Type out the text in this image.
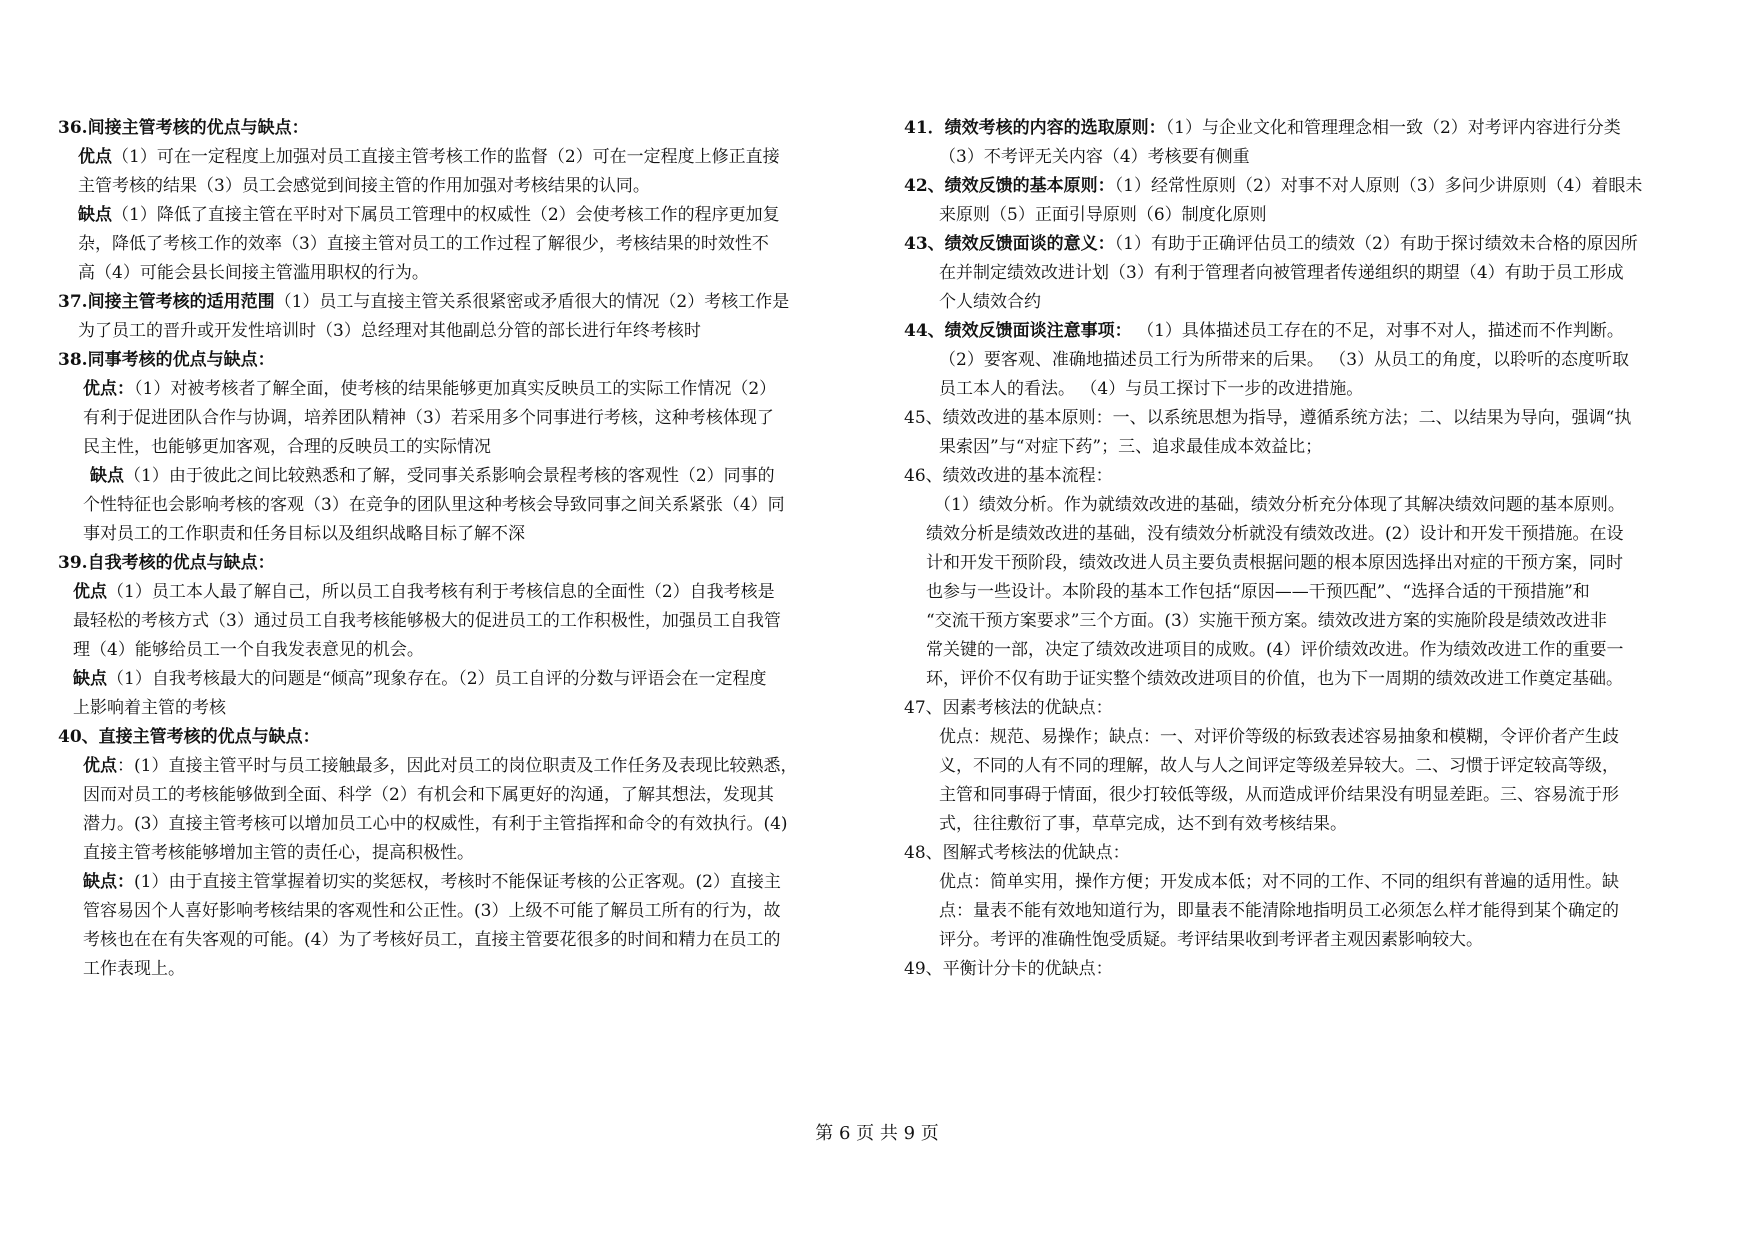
36.间接主管考核的优点与缺点：
优点（1）可在一定程度上加强对员工直接主管考核工作的监督（2）可在一定程度上修正直接
主管考核的结果（3）员工会感觉到间接主管的作用加强对考核结果的认同。
缺点（1）降低了直接主管在平时对下属员工管理中的权威性（2）会使考核工作的程序更加复
杂，降低了考核工作的效率（3）直接主管对员工的工作过程了解很少，考核结果的时效性不
高（4）可能会县长间接主管滥用职权的行为。
37.间接主管考核的适用范围（1）员工与直接主管关系很紧密或矛盾很大的情况（2）考核工作是
为了员工的晋升或开发性培训时（3）总经理对其他副总分管的部长进行年终考核时
38.同事考核的优点与缺点：
优点：（1）对被考核者了解全面，使考核的结果能够更加真实反映员工的实际工作情况（2）
有利于促进团队合作与协调，培养团队精神（3）若采用多个同事进行考核，这种考核体现了
民主性，也能够更加客观，合理的反映员工的实际情况
缺点（1）由于彼此之间比较熟悉和了解，受同事关系影响会景程考核的客观性（2）同事的
个性特征也会影响考核的客观（3）在竞争的团队里这种考核会导致同事之间关系紧张（4）同
事对员工的工作职责和任务目标以及组织战略目标了解不深
39.自我考核的优点与缺点：
优点（1）员工本人最了解自己，所以员工自我考核有利于考核信息的全面性（2）自我考核是
最轻松的考核方式（3）通过员工自我考核能够极大的促进员工的工作积极性，加强员工自我管
理（4）能够给员工一个自我发表意见的机会。
缺点（1）自我考核最大的问题是“倾高”现象存在。（2）员工自评的分数与评语会在一定程度
上影响着主管的考核
40、直接主管考核的优点与缺点：
优点：(1）直接主管平时与员工接触最多，因此对员工的岗位职责及工作任务及表现比较熟悉，
因而对员工的考核能够做到全面、科学（2）有机会和下属更好的沟通，了解其想法，发现其
潜力。(3）直接主管考核可以增加员工心中的权威性，有利于主管指挥和命令的有效执行。(4)
直接主管考核能够增加主管的责任心，提高积极性。
缺点：(1）由于直接主管掌握着切实的奖惩权，考核时不能保证考核的公正客观。(2）直接主
管容易因个人喜好影响考核结果的客观性和公正性。(3）上级不可能了解员工所有的行为，故
考核也在在有失客观的可能。(4）为了考核好员工，直接主管要花很多的时间和精力在员工的
工作表现上。
41．绩效考核的内容的选取原则：（1）与企业文化和管理理念相一致（2）对考评内容进行分类
（3）不考评无关内容（4）考核要有侧重
42、绩效反馈的基本原则：（1）经常性原则（2）对事不对人原则（3）多问少讲原则（4）着眼未
来原则（5）正面引导原则（6）制度化原则
43、绩效反馈面谈的意义：（1）有助于正确评估员工的绩效（2）有助于探讨绩效未合格的原因所
在并制定绩效改进计划（3）有利于管理者向被管理者传递组织的期望（4）有助于员工形成
个人绩效合约
44、绩效反馈面谈注意事项： （1）具体描述员工存在的不足，对事不对人，描述而不作判断。
（2）要客观、准确地描述员工行为所带来的后果。 （3）从员工的角度，以聆听的态度听取
员工本人的看法。 （4）与员工探讨下一步的改进措施。
45、绩效改进的基本原则：一、以系统思想为指导，遵循系统方法；二、以结果为导向，强调“执
果索因”与“对症下药”；三、追求最佳成本效益比；
46、绩效改进的基本流程：
（1）绩效分析。作为就绩效改进的基础，绩效分析充分体现了其解决绩效问题的基本原则。
绩效分析是绩效改进的基础，没有绩效分析就没有绩效改进。(2）设计和开发干预措施。在设
计和开发干预阶段，绩效改进人员主要负责根据问题的根本原因选择出对症的干预方案，同时
也参与一些设计。本阶段的基本工作包括“原因——干预匹配”、“选择合适的干预措施”和
“交流干预方案要求”三个方面。(3）实施干预方案。绩效改进方案的实施阶段是绩效改进非
常关键的一部，决定了绩效改进项目的成败。(4）评价绩效改进。作为绩效改进工作的重要一
环，评价不仅有助于证实整个绩效改进项目的价值，也为下一周期的绩效改进工作奠定基础。
47、因素考核法的优缺点：
优点：规范、易操作；缺点：一、对评价等级的标致表述容易抽象和模糊，令评价者产生歧
义，不同的人有不同的理解，故人与人之间评定等级差异较大。二、习惯于评定较高等级，
主管和同事碍于情面，很少打较低等级，从而造成评价结果没有明显差距。三、容易流于形
式，往往敷衍了事，草草完成，达不到有效考核结果。
48、图解式考核法的优缺点：
优点：简单实用，操作方便；开发成本低；对不同的工作、不同的组织有普遍的适用性。缺
点：量表不能有效地知道行为，即量表不能清除地指明员工必须怎么样才能得到某个确定的
评分。考评的准确性饱受质疑。考评结果收到考评者主观因素影响较大。
49、平衡计分卡的优缺点：
第 6 页 共 9 页
